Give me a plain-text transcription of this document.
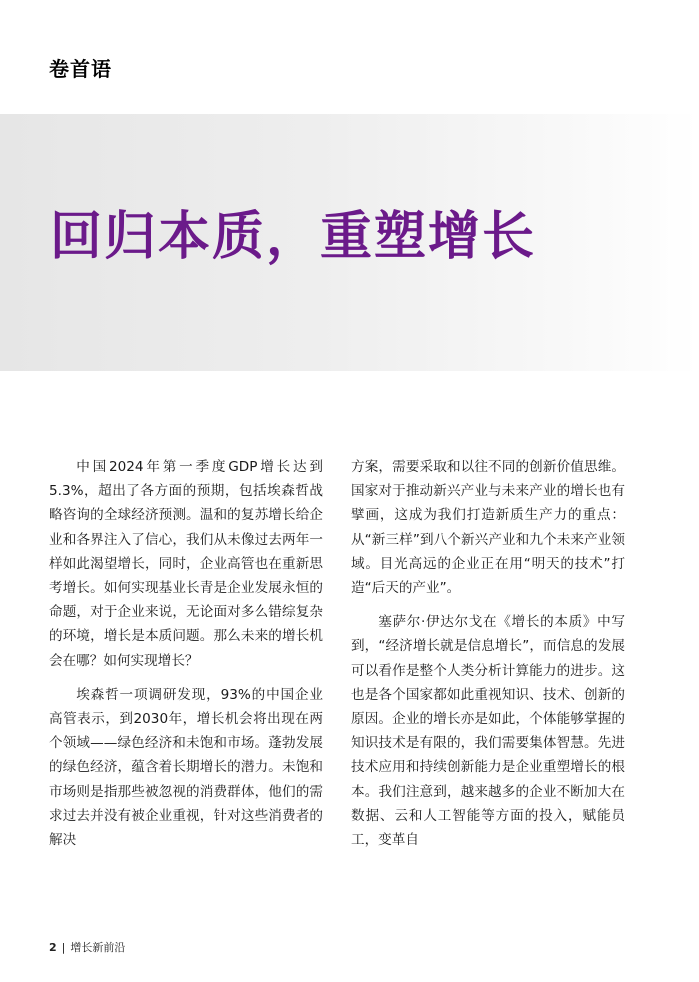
卷首语
回归本质，重塑增长

中国2024年第一季度GDP增长达到5.3%，超出了各方面的预期，包括埃森哲战略咨询的全球经济预测。温和的复苏增长给企业和各界注入了信心，我们从未像过去两年一样如此渴望增长，同时，企业高管也在重新思考增长。如何实现基业长青是企业发展永恒的命题，对于企业来说，无论面对多么错综复杂的环境，增长是本质问题。那么未来的增长机会在哪？如何实现增长？

埃森哲一项调研发现，93%的中国企业高管表示，到2030年，增长机会将出现在两个领域——绿色经济和未饱和市场。蓬勃发展的绿色经济，蕴含着长期增长的潜力。未饱和市场则是指那些被忽视的消费群体，他们的需求过去并没有被企业重视，针对这些消费者的解决

方案，需要采取和以往不同的创新价值思维。国家对于推动新兴产业与未来产业的增长也有擘画，这成为我们打造新质生产力的重点：从“新三样”到八个新兴产业和九个未来产业领域。目光高远的企业正在用“明天的技术”打造“后天的产业”。

塞萨尔·伊达尔戈在《增长的本质》中写到，“经济增长就是信息增长”，而信息的发展可以看作是整个人类分析计算能力的进步。这也是各个国家都如此重视知识、技术、创新的原因。企业的增长亦是如此，个体能够掌握的知识技术是有限的，我们需要集体智慧。先进技术应用和持续创新能力是企业重塑增长的根本。我们注意到，越来越多的企业不断加大在数据、云和人工智能等方面的投入，赋能员工，变革自

2 | 增长新前沿
